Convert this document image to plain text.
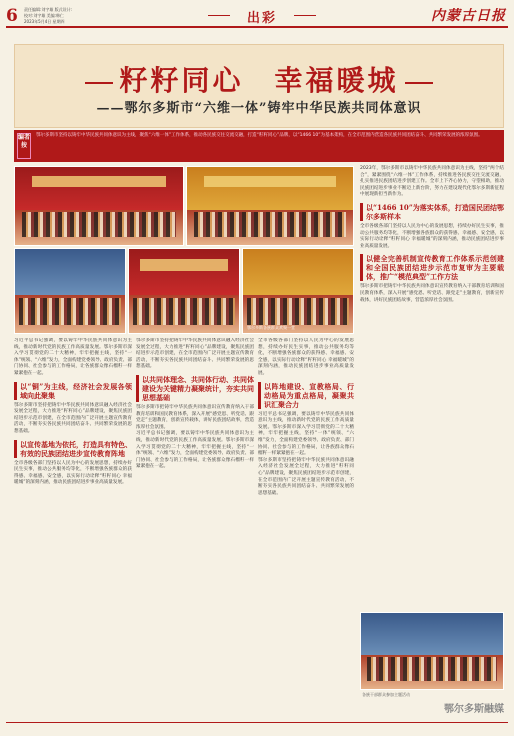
6 责任编辑:刘宇雄 版式设计:
校对:刘宇雄 美编:韩仁
2023年5月4日 星期四	出彩	内蒙古日报
籽籽同心　幸福暖城
——鄂尔多斯市“六维一体”铸牢中华民族共同体意识
编者按
鄂尔多斯市坚持以铸牢中华民族共同体意识为主线，聚焦“六维一体”工作体系，推动各民族交往交流交融，打造“籽籽同心”品牌，以“1466 10”为基本架构，在全市范围内营造各民族共同团结奋斗、共同繁荣发展的浓厚氛围。
鄂尔多斯各族群众欢聚一堂
2023年，鄂尔多斯市以铸牢中华民族共同体意识为主线，坚持“两个结合”，紧紧围绕“六维一体”工作体系，持续推进各民族交往交流交融，扎实推进民族团结进步创建工作。全市上下齐心协力，守望相助，推动民族团结进步事业不断迈上新台阶，努力在建设现代化鄂尔多斯新征程中展现新担当新作为。
以“1466 10”为落实体系，打造国民团结鄂尔多斯样本
全市各级各部门坚持以人民为中心的发展思想，持续办好民生实事，推动公共服务均等化，不断增强各族群众的获得感、幸福感、安全感，以实际行动诠释“籽籽同心 幸福暖城”的深刻内涵，推动民族团结进步事业高质量发展。
以健全完善机制宣传教育工作体系示范创建和全国民族团结进步示范市复审为主要载体，推广“模范典型”工作方法
鄂尔多斯市把铸牢中华民族共同体意识宣传教育纳入干部教育培训和国民教育体系，深入开展“感党恩、听党话、跟党走”主题教育，创新宣传载体，讲好民族团结故事，营造浓厚社会氛围。
习近平总书记强调，要以铸牢中华民族共同体意识为主线，推动新时代党的民族工作高质量发展。鄂尔多斯市深入学习贯彻党的二十大精神，牢牢把握主线，坚持“一体”统领、“六维”发力，全面构建党委领导、政府负责、部门协同、社会参与的工作格局，让各族群众像石榴籽一样紧紧抱在一起。
以“铜”为主线，经济社会发展各领域向此聚集
鄂尔多斯市坚持把铸牢中华民族共同体意识融入经济社会发展全过程，大力推进“籽籽同心”品牌建设，聚焦民族团结进步示范市创建，在全市范围内广泛开展主题宣传教育活动，不断夯实各民族共同团结奋斗、共同繁荣发展的思想基础。
以宣传基地为依托，打造具有特色、有效的民族团结进步宣传教育阵地
全市各级各部门坚持以人民为中心的发展思想，持续办好民生实事，推动公共服务均等化，不断增强各族群众的获得感、幸福感、安全感，以实际行动诠释“籽籽同心 幸福暖城”的深刻内涵，推动民族团结进步事业高质量发展。
鄂尔多斯市坚持把铸牢中华民族共同体意识融入经济社会发展全过程，大力推进“籽籽同心”品牌建设，聚焦民族团结进步示范市创建，在全市范围内广泛开展主题宣传教育活动，不断夯实各民族共同团结奋斗、共同繁荣发展的思想基础。
以共同体理念、共同体行动、共同体建设为关键精力凝聚统计，夯实共同思想基础
鄂尔多斯市把铸牢中华民族共同体意识宣传教育纳入干部教育培训和国民教育体系，深入开展“感党恩、听党话、跟党走”主题教育，创新宣传载体，讲好民族团结故事，营造浓厚社会氛围。
习近平总书记强调，要以铸牢中华民族共同体意识为主线，推动新时代党的民族工作高质量发展。鄂尔多斯市深入学习贯彻党的二十大精神，牢牢把握主线，坚持“一体”统领、“六维”发力，全面构建党委领导、政府负责、部门协同、社会参与的工作格局，让各族群众像石榴籽一样紧紧抱在一起。
全市各级各部门坚持以人民为中心的发展思想，持续办好民生实事，推动公共服务均等化，不断增强各族群众的获得感、幸福感、安全感，以实际行动诠释“籽籽同心 幸福暖城”的深刻内涵，推动民族团结进步事业高质量发展。
以阵地建设、宣教格局、行动格局为重点格局，凝聚共识汇聚合力
习近平总书记强调，要以铸牢中华民族共同体意识为主线，推动新时代党的民族工作高质量发展。鄂尔多斯市深入学习贯彻党的二十大精神，牢牢把握主线，坚持“一体”统领、“六维”发力，全面构建党委领导、政府负责、部门协同、社会参与的工作格局，让各族群众像石榴籽一样紧紧抱在一起。
鄂尔多斯市坚持把铸牢中华民族共同体意识融入经济社会发展全过程，大力推进“籽籽同心”品牌建设，聚焦民族团结进步示范市创建，在全市范围内广泛开展主题宣传教育活动，不断夯实各民族共同团结奋斗、共同繁荣发展的思想基础。
各族干部群众参加主题活动
鄂尔多斯融媒
